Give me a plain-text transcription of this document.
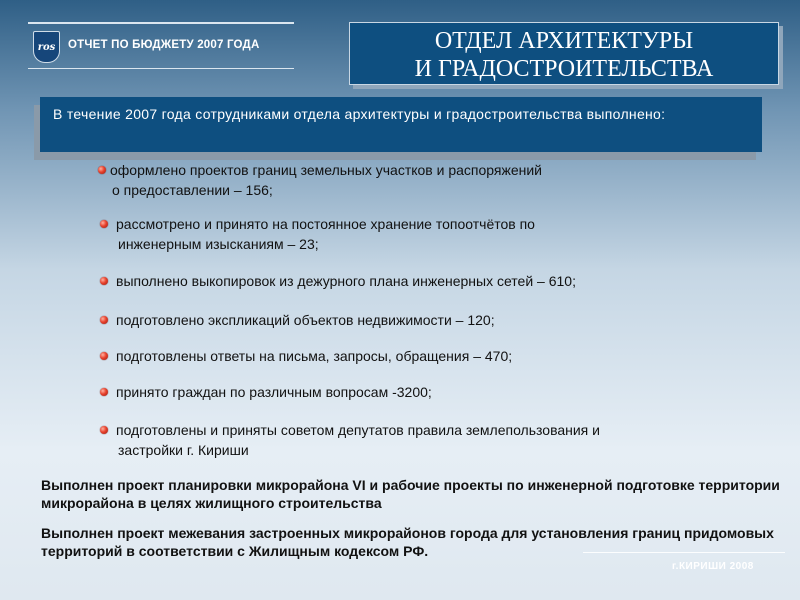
ros	ОТЧЕТ ПО БЮДЖЕТУ 2007 ГОДА	ОТДЕЛ АРХИТЕКТУРЫ
И ГРАДОСТРОИТЕЛЬСТВА
В течение 2007 года сотрудниками отдела архитектуры и градостроительства выполнено:
оформлено проектов границ земельных участков и распоряжений
о предоставлении – 156;
рассмотрено и принято на постоянное хранение топоотчётов по
инженерным изысканиям – 23;
выполнено выкопировок из дежурного плана инженерных сетей – 610;
подготовлено экспликаций объектов недвижимости – 120;
подготовлены ответы на письма, запросы, обращения – 470;
принято граждан по различным вопросам -3200;
подготовлены и приняты советом депутатов правила землепользования и
застройки г. Кириши
Выполнен проект планировки микрорайона VI и рабочие проекты по инженерной подготовке территории микрорайона в целях жилищного строительства
Выполнен проект межевания застроенных микрорайонов города для установления границ придомовых территорий в соответствии с Жилищным кодексом РФ.
г.КИРИШИ 2008
